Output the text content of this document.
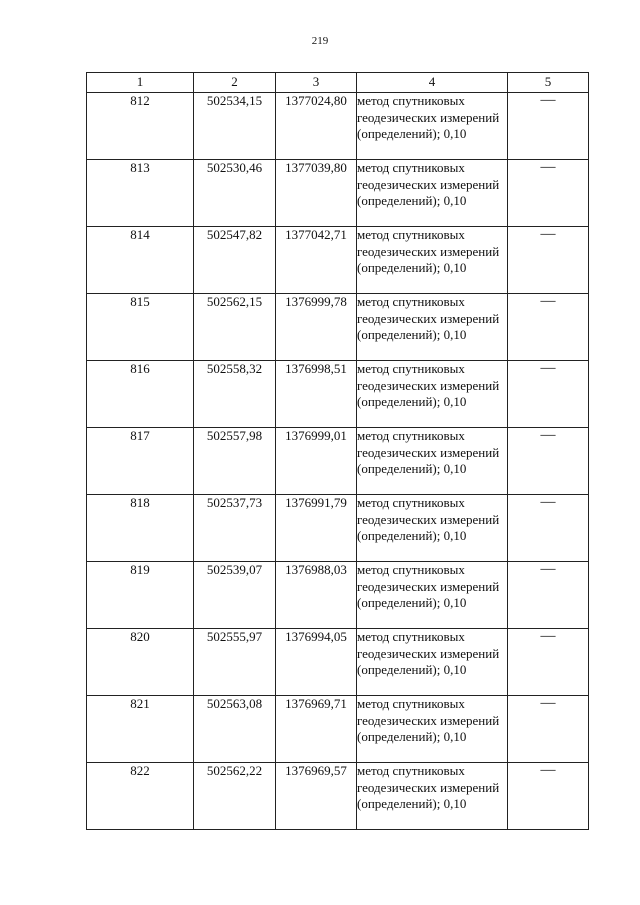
219
1	2	3	4	5
812	502534,15	1377024,80	метод спутниковых геодезических измерений (определений); 0,10	—
813	502530,46	1377039,80	метод спутниковых геодезических измерений (определений); 0,10	—
814	502547,82	1377042,71	метод спутниковых геодезических измерений (определений); 0,10	—
815	502562,15	1376999,78	метод спутниковых геодезических измерений (определений); 0,10	—
816	502558,32	1376998,51	метод спутниковых геодезических измерений (определений); 0,10	—
817	502557,98	1376999,01	метод спутниковых геодезических измерений (определений); 0,10	—
818	502537,73	1376991,79	метод спутниковых геодезических измерений (определений); 0,10	—
819	502539,07	1376988,03	метод спутниковых геодезических измерений (определений); 0,10	—
820	502555,97	1376994,05	метод спутниковых геодезических измерений (определений); 0,10	—
821	502563,08	1376969,71	метод спутниковых геодезических измерений (определений); 0,10	—
822	502562,22	1376969,57	метод спутниковых геодезических измерений (определений); 0,10	—
